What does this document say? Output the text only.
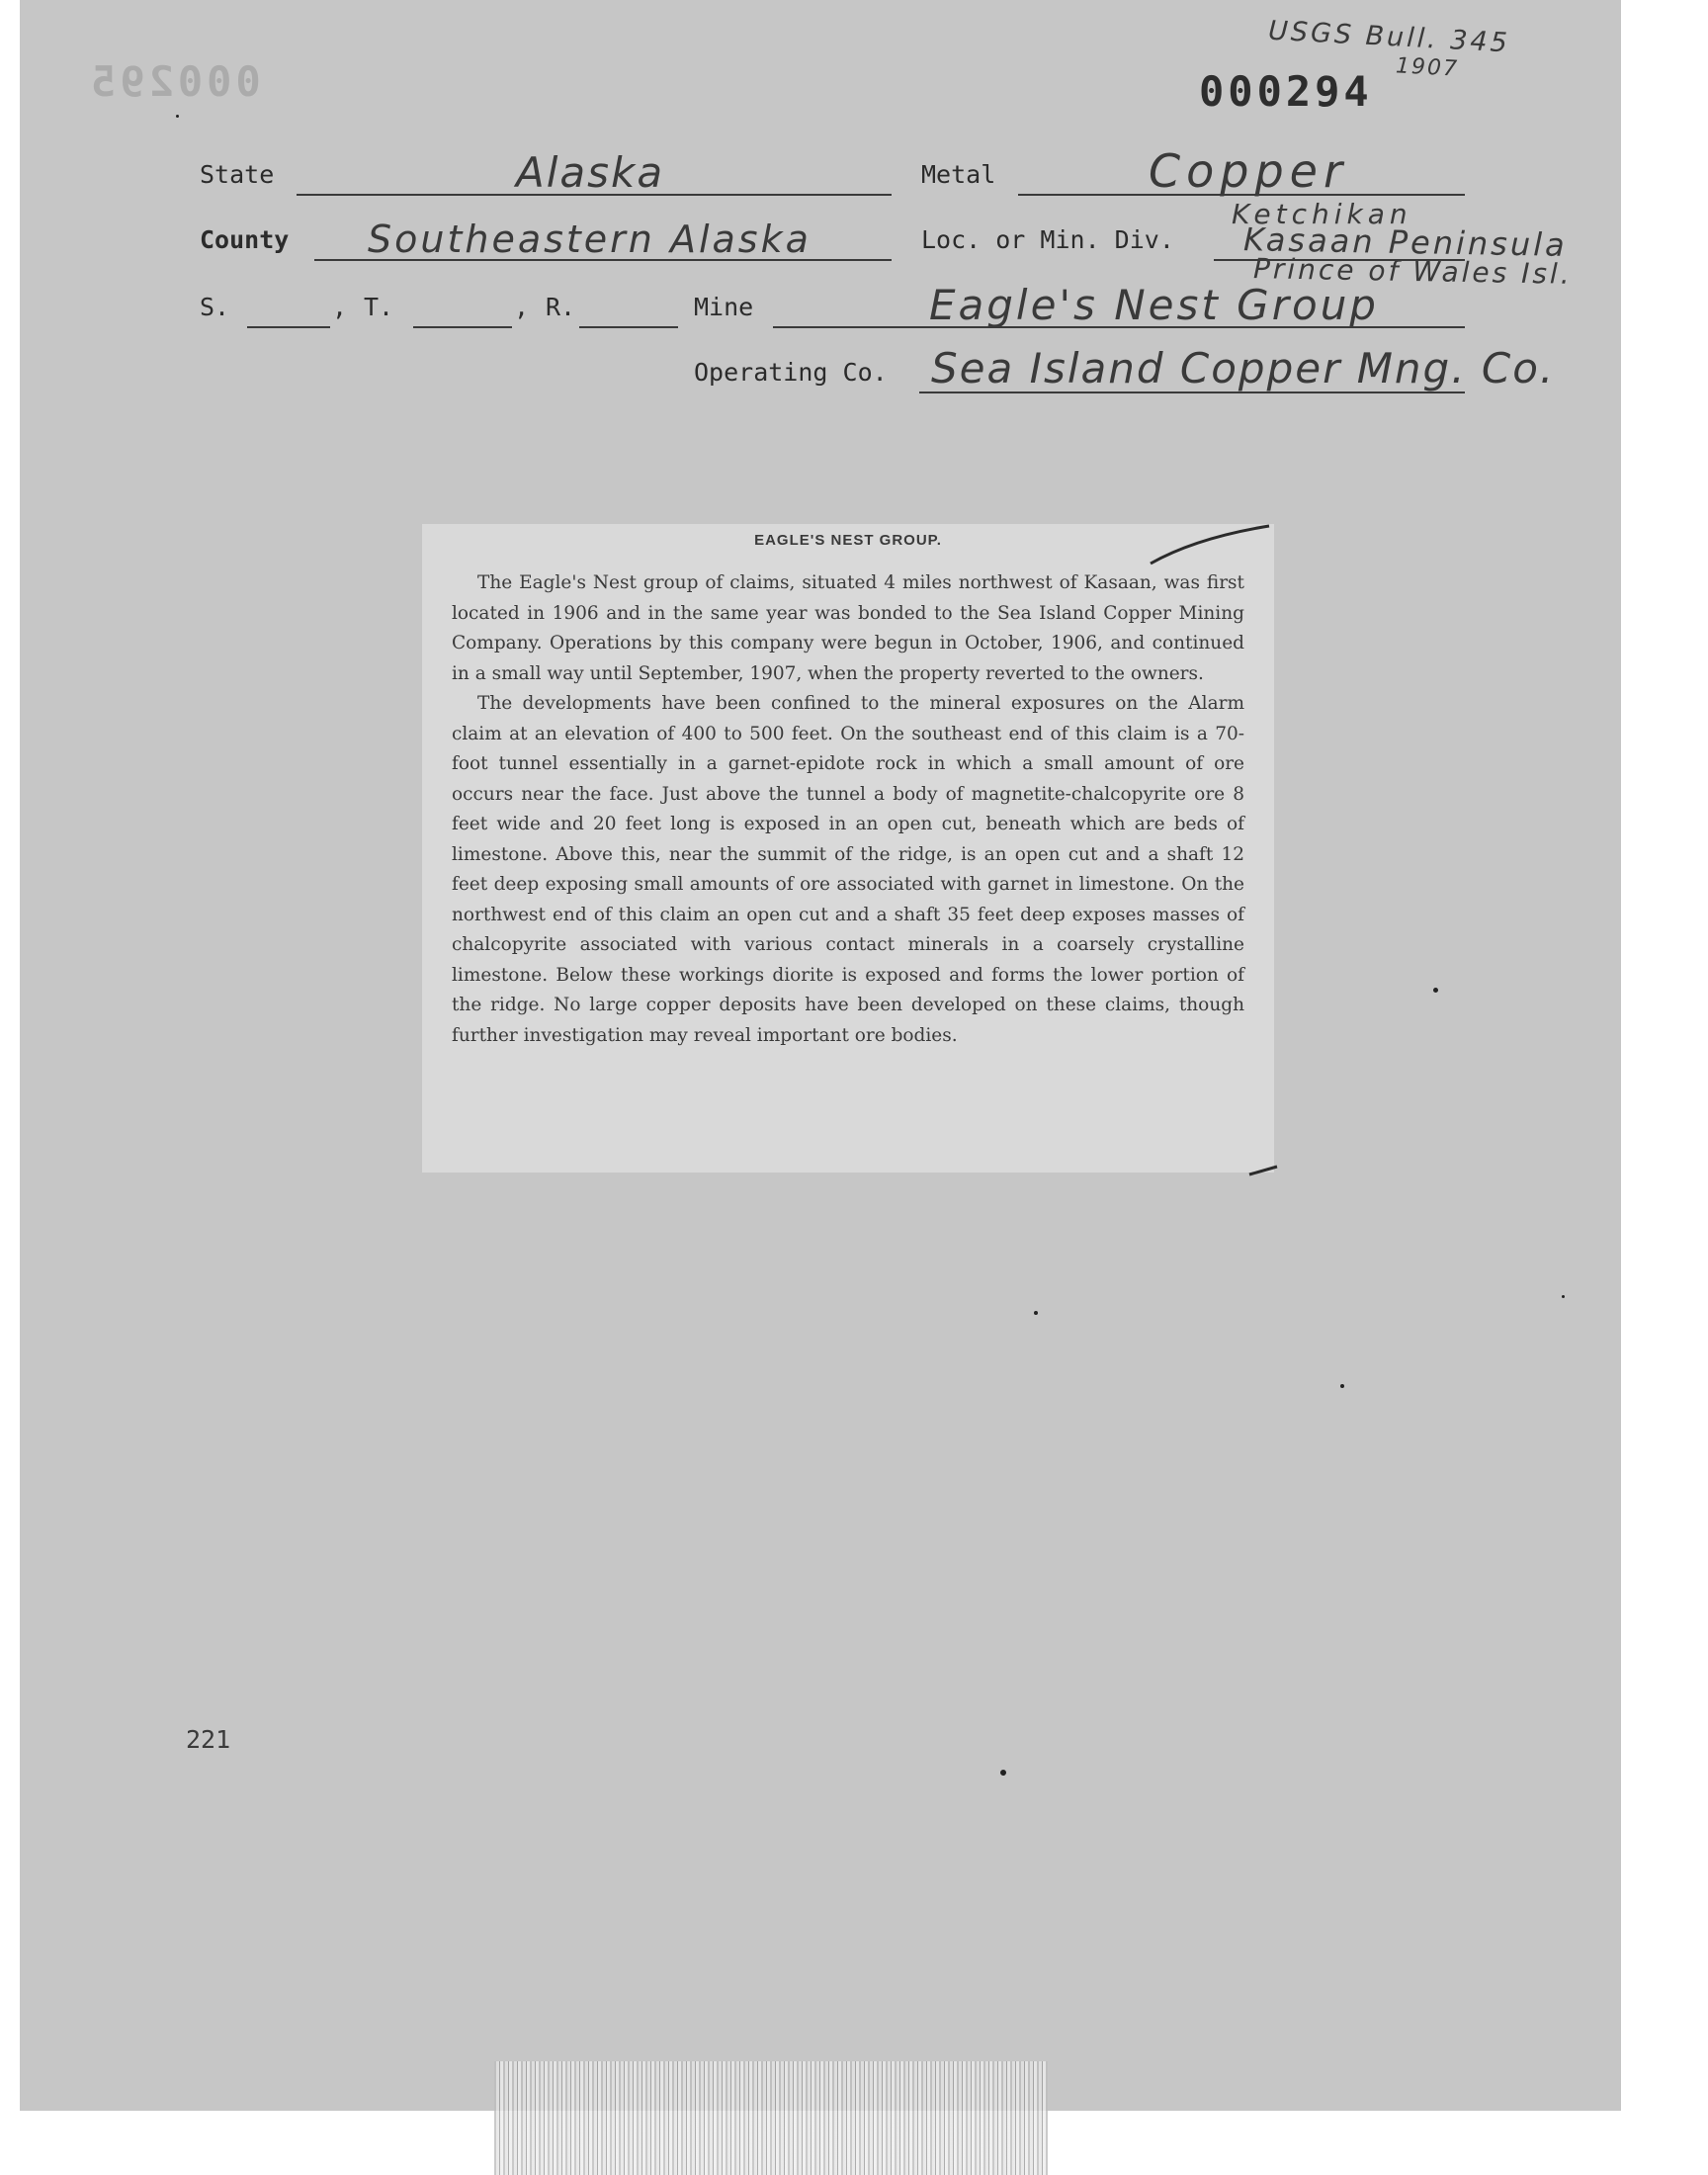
000295
USGS Bull. 345
1907
000294
State	Alaska	Metal	Copper
County Southeastern Alaska	Loc. or Min. Div.
Ketchikan
Kasaan Peninsula
Prince of Wales Isl.
S.	, T.	, R.	Mine	Eagle's Nest Group
Operating Co. Sea Island Copper Mng. Co.
EAGLE'S NEST GROUP.

The Eagle's Nest group of claims, situated 4 miles northwest of Kasaan, was first located in 1906 and in the same year was bonded to the Sea Island Copper Mining Company. Operations by this company were begun in October, 1906, and continued in a small way until September, 1907, when the property reverted to the owners.

The developments have been confined to the mineral exposures on the Alarm claim at an elevation of 400 to 500 feet. On the southeast end of this claim is a 70-foot tunnel essentially in a garnet-epidote rock in which a small amount of ore occurs near the face. Just above the tunnel a body of magnetite-chalcopyrite ore 8 feet wide and 20 feet long is exposed in an open cut, beneath which are beds of limestone. Above this, near the summit of the ridge, is an open cut and a shaft 12 feet deep exposing small amounts of ore associated with garnet in limestone. On the northwest end of this claim an open cut and a shaft 35 feet deep exposes masses of chalcopyrite associated with various contact minerals in a coarsely crystalline limestone. Below these workings diorite is exposed and forms the lower portion of the ridge. No large copper deposits have been developed on these claims, though further investigation may reveal important ore bodies.

221
